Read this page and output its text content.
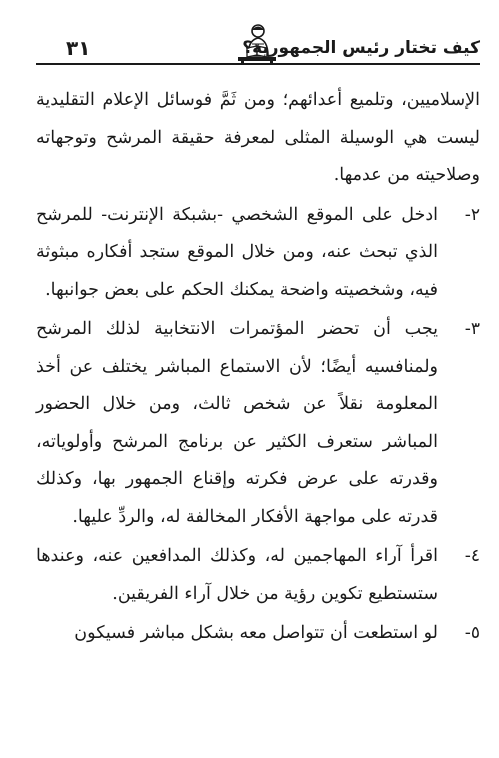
٣١	كيف تختار رئيس الجمهورية؟

الإسلاميين، وتلميع أعدائهم؛ ومن ثَمَّ فوسائل الإعلام التقليدية ليست هي الوسيلة المثلى لمعرفة حقيقة المرشح وتوجهاته وصلاحيته من عدمها.

٢-

ادخل على الموقع الشخصي -بشبكة الإنترنت- للمرشح الذي تبحث عنه، ومن خلال الموقع ستجد أفكاره مبثوثة فيه، وشخصيته واضحة يمكنك الحكم على بعض جوانبها.

٣-

يجب أن تحضر المؤتمرات الانتخابية لذلك المرشح ولمنافسيه أيضًا؛ لأن الاستماع المباشر يختلف عن أخذ المعلومة نقلاً عن شخص ثالث، ومن خلال الحضور المباشر ستعرف الكثير عن برنامج المرشح وأولوياته، وقدرته على عرض فكرته وإقناع الجمهور بها، وكذلك قدرته على مواجهة الأفكار المخالفة له، والردِّ عليها.

٤-

اقرأ آراء المهاجمين له، وكذلك المدافعين عنه، وعندها ستستطيع تكوين رؤية من خلال آراء الفريقين.

٥-

لو استطعت أن تتواصل معه بشكل مباشر فسيكون
